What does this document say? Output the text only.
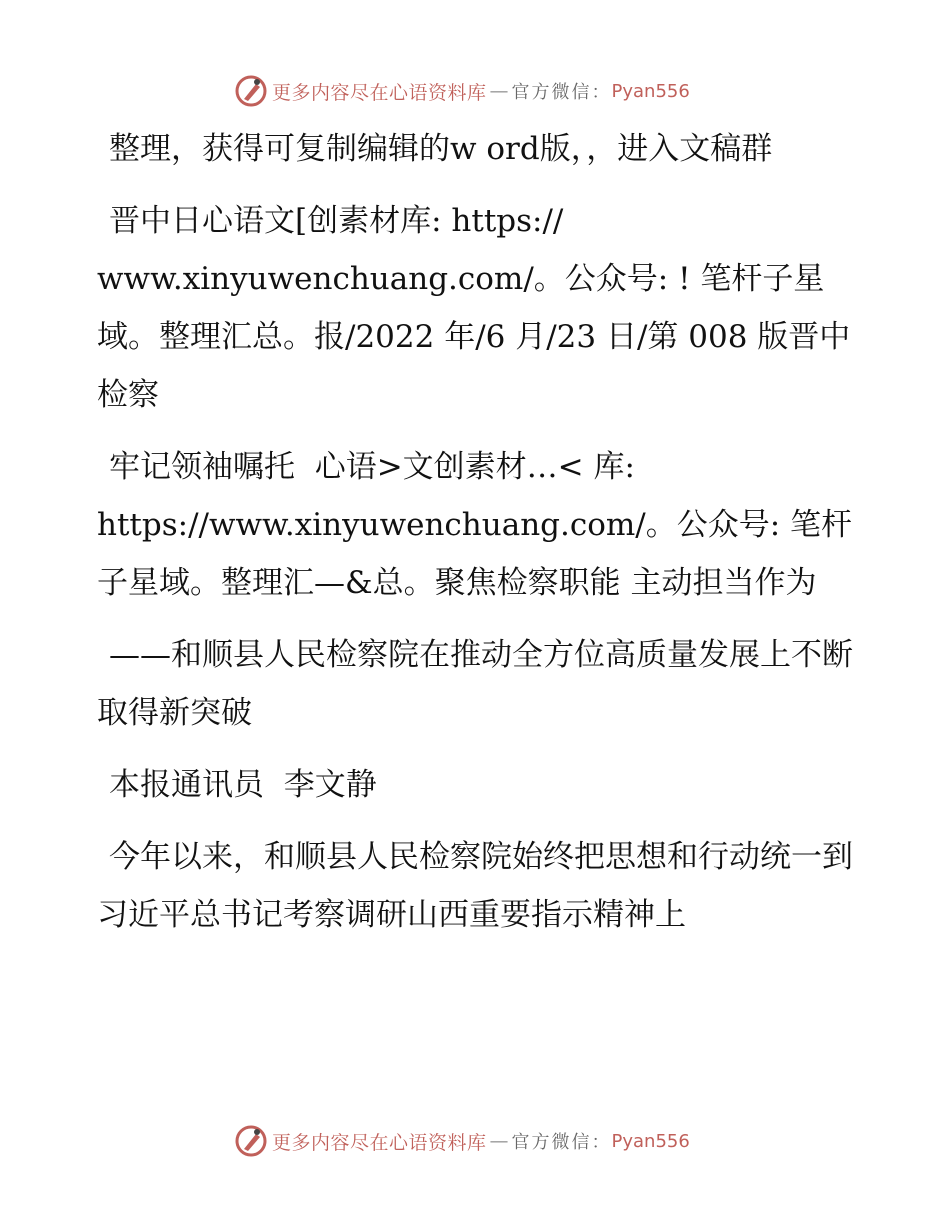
更多内容尽在心语资料库 — 官方微信： Pyan556

整理，获得可复制编辑的w ord版，，进入文稿群

晋中日心语文[创素材库: https:// www.xinyuwenchuang.com/。公众号: ! 笔杆子星域。整理汇总。报/2022 年/6 月/23 日/第 008 版晋中检察

牢记领袖嘱托  心语>文创素材…< 库: https://www.xinyuwenchuang.com/。公众号: 笔杆子星域。整理汇—&总。聚焦检察职能 主动担当作为

——和顺县人民检察院在推动全方位高质量发展上不断取得新突破

本报通讯员  李文静

今年以来，和顺县人民检察院始终把思想和行动统一到习近平总书记考察调研山西重要指示精神上

更多内容尽在心语资料库 — 官方微信： Pyan556
